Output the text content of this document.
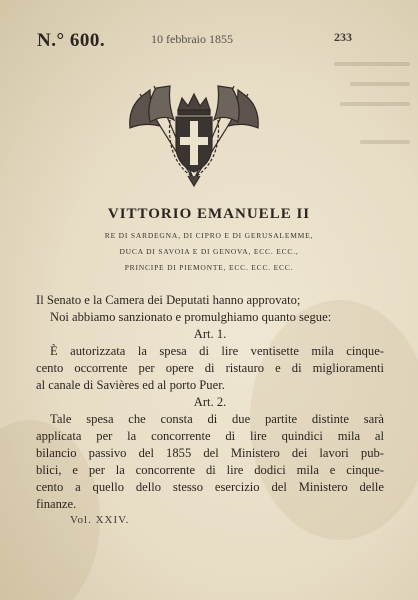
N.° 600.	10 febbraio 1855	233
VITTORIO EMANUELE II
RE DI SARDEGNA, DI CIPRO E DI GERUSALEMME,
DUCA DI SAVOIA E DI GENOVA, ECC. ECC.,
PRINCIPE DI PIEMONTE, ECC. ECC. ECC.
Il Senato e la Camera dei Deputati hanno approvato;
Noi abbiamo sanzionato e promulghiamo quanto segue:
Art. 1.
È autorizzata la spesa di lire ventisette mila cinque-
cento occorrente per opere di ristauro e di miglioramenti
al canale di Savières ed al porto Puer.
Art. 2.
Tale spesa che consta di due partite distinte sarà
applicata per la concorrente di lire quindici mila al
bilancio passivo del 1855 del Ministero dei lavori pub-
blici, e per la concorrente di lire dodici mila e cinque-
cento a quello dello stesso esercizio del Ministero delle
finanze.
Vol. XXIV.
